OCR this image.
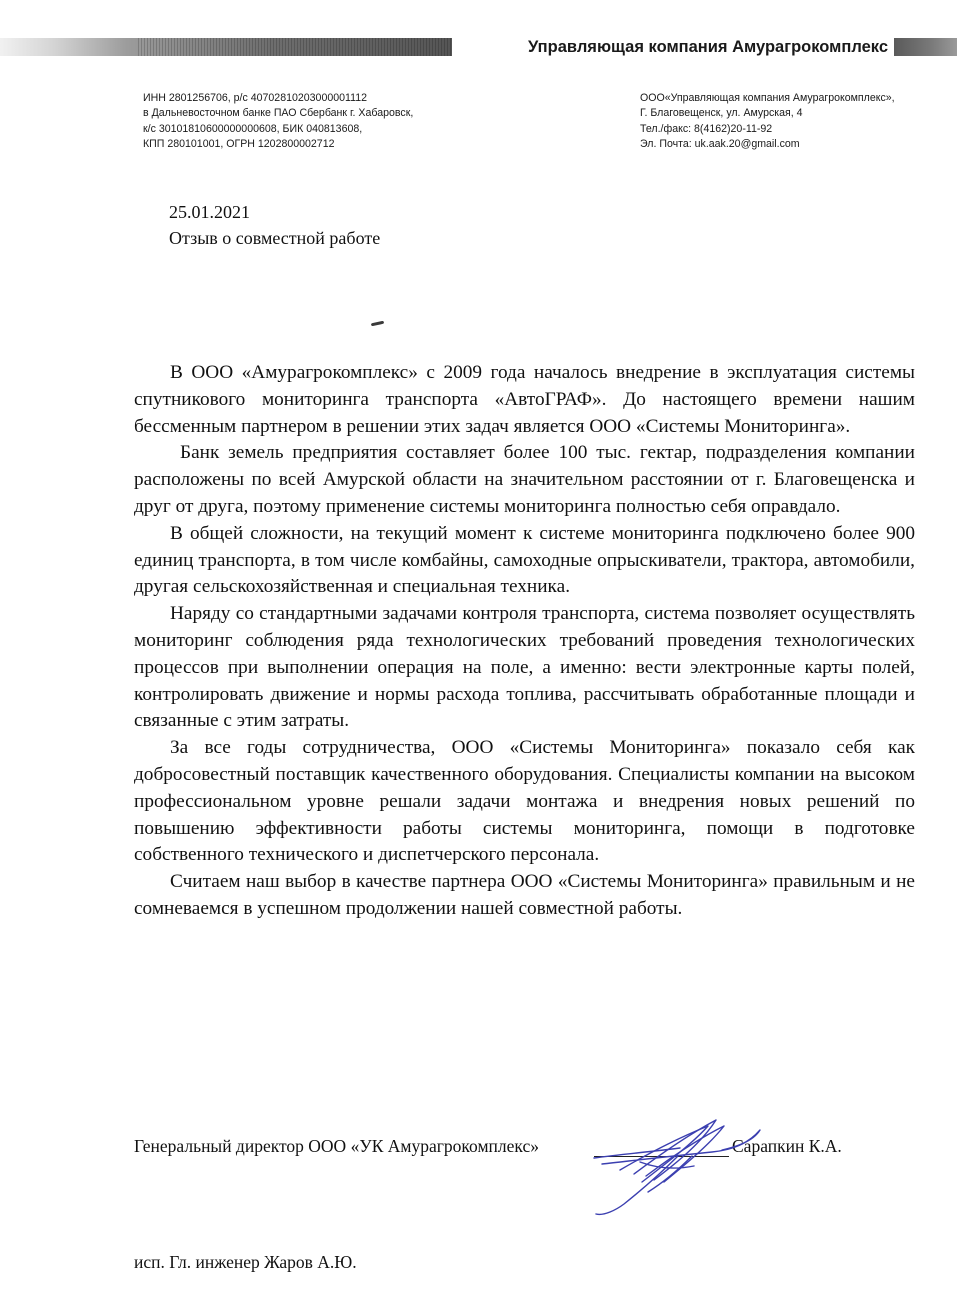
Управляющая компания Амурагрокомплекс
ИНН 2801256706, р/с 40702810203000001112
в Дальневосточном банке ПАО Сбербанк г. Хабаровск,
к/с 30101810600000000608, БИК 040813608,
КПП 280101001, ОГРН 1202800002712
ООО«Управляющая компания Амурагрокомплекс»,
Г. Благовещенск, ул. Амурская, 4
Тел./факс: 8(4162)20-11-92
Эл. Почта: uk.aak.20@gmail.com
25.01.2021
Отзыв о совместной работе

В ООО «Амурагрокомплекс» с 2009 года началось внедрение в эксплуатация системы спутникового мониторинга транспорта «АвтоГРАФ». До настоящего времени нашим бессменным партнером в решении этих задач является ООО «Системы Мониторинга».

Банк земель предприятия составляет более 100 тыс. гектар, подразделения компании расположены по всей Амурской области на значительном расстоянии от г. Благовещенска и друг от друга, поэтому применение системы мониторинга полностью себя оправдало.

В общей сложности, на текущий момент к системе мониторинга подключено более 900 единиц транспорта, в том числе комбайны, самоходные опрыскиватели, трактора, автомобили, другая сельскохозяйственная и специальная техника.

Наряду со стандартными задачами контроля транспорта, система позволяет осуществлять мониторинг соблюдения ряда технологических требований проведения технологических процессов при выполнении операция на поле, а именно: вести электронные карты полей, контролировать движение и нормы расхода топлива, рассчитывать обработанные площади и связанные с этим затраты.

За все годы сотрудничества, ООО «Системы Мониторинга» показало себя как добросовестный поставщик качественного оборудования. Специалисты компании на высоком профессиональном уровне решали задачи монтажа и внедрения новых решений по повышению эффективности работы системы мониторинга, помощи в подготовке собственного технического и диспетчерского персонала.

Считаем наш выбор в качестве партнера ООО «Системы Мониторинга» правильным и не сомневаемся в успешном продолжении нашей совместной работы.

Генеральный директор ООО «УК Амурагрокомплекс»	Сарапкин К.А.
исп. Гл. инженер Жаров А.Ю.
